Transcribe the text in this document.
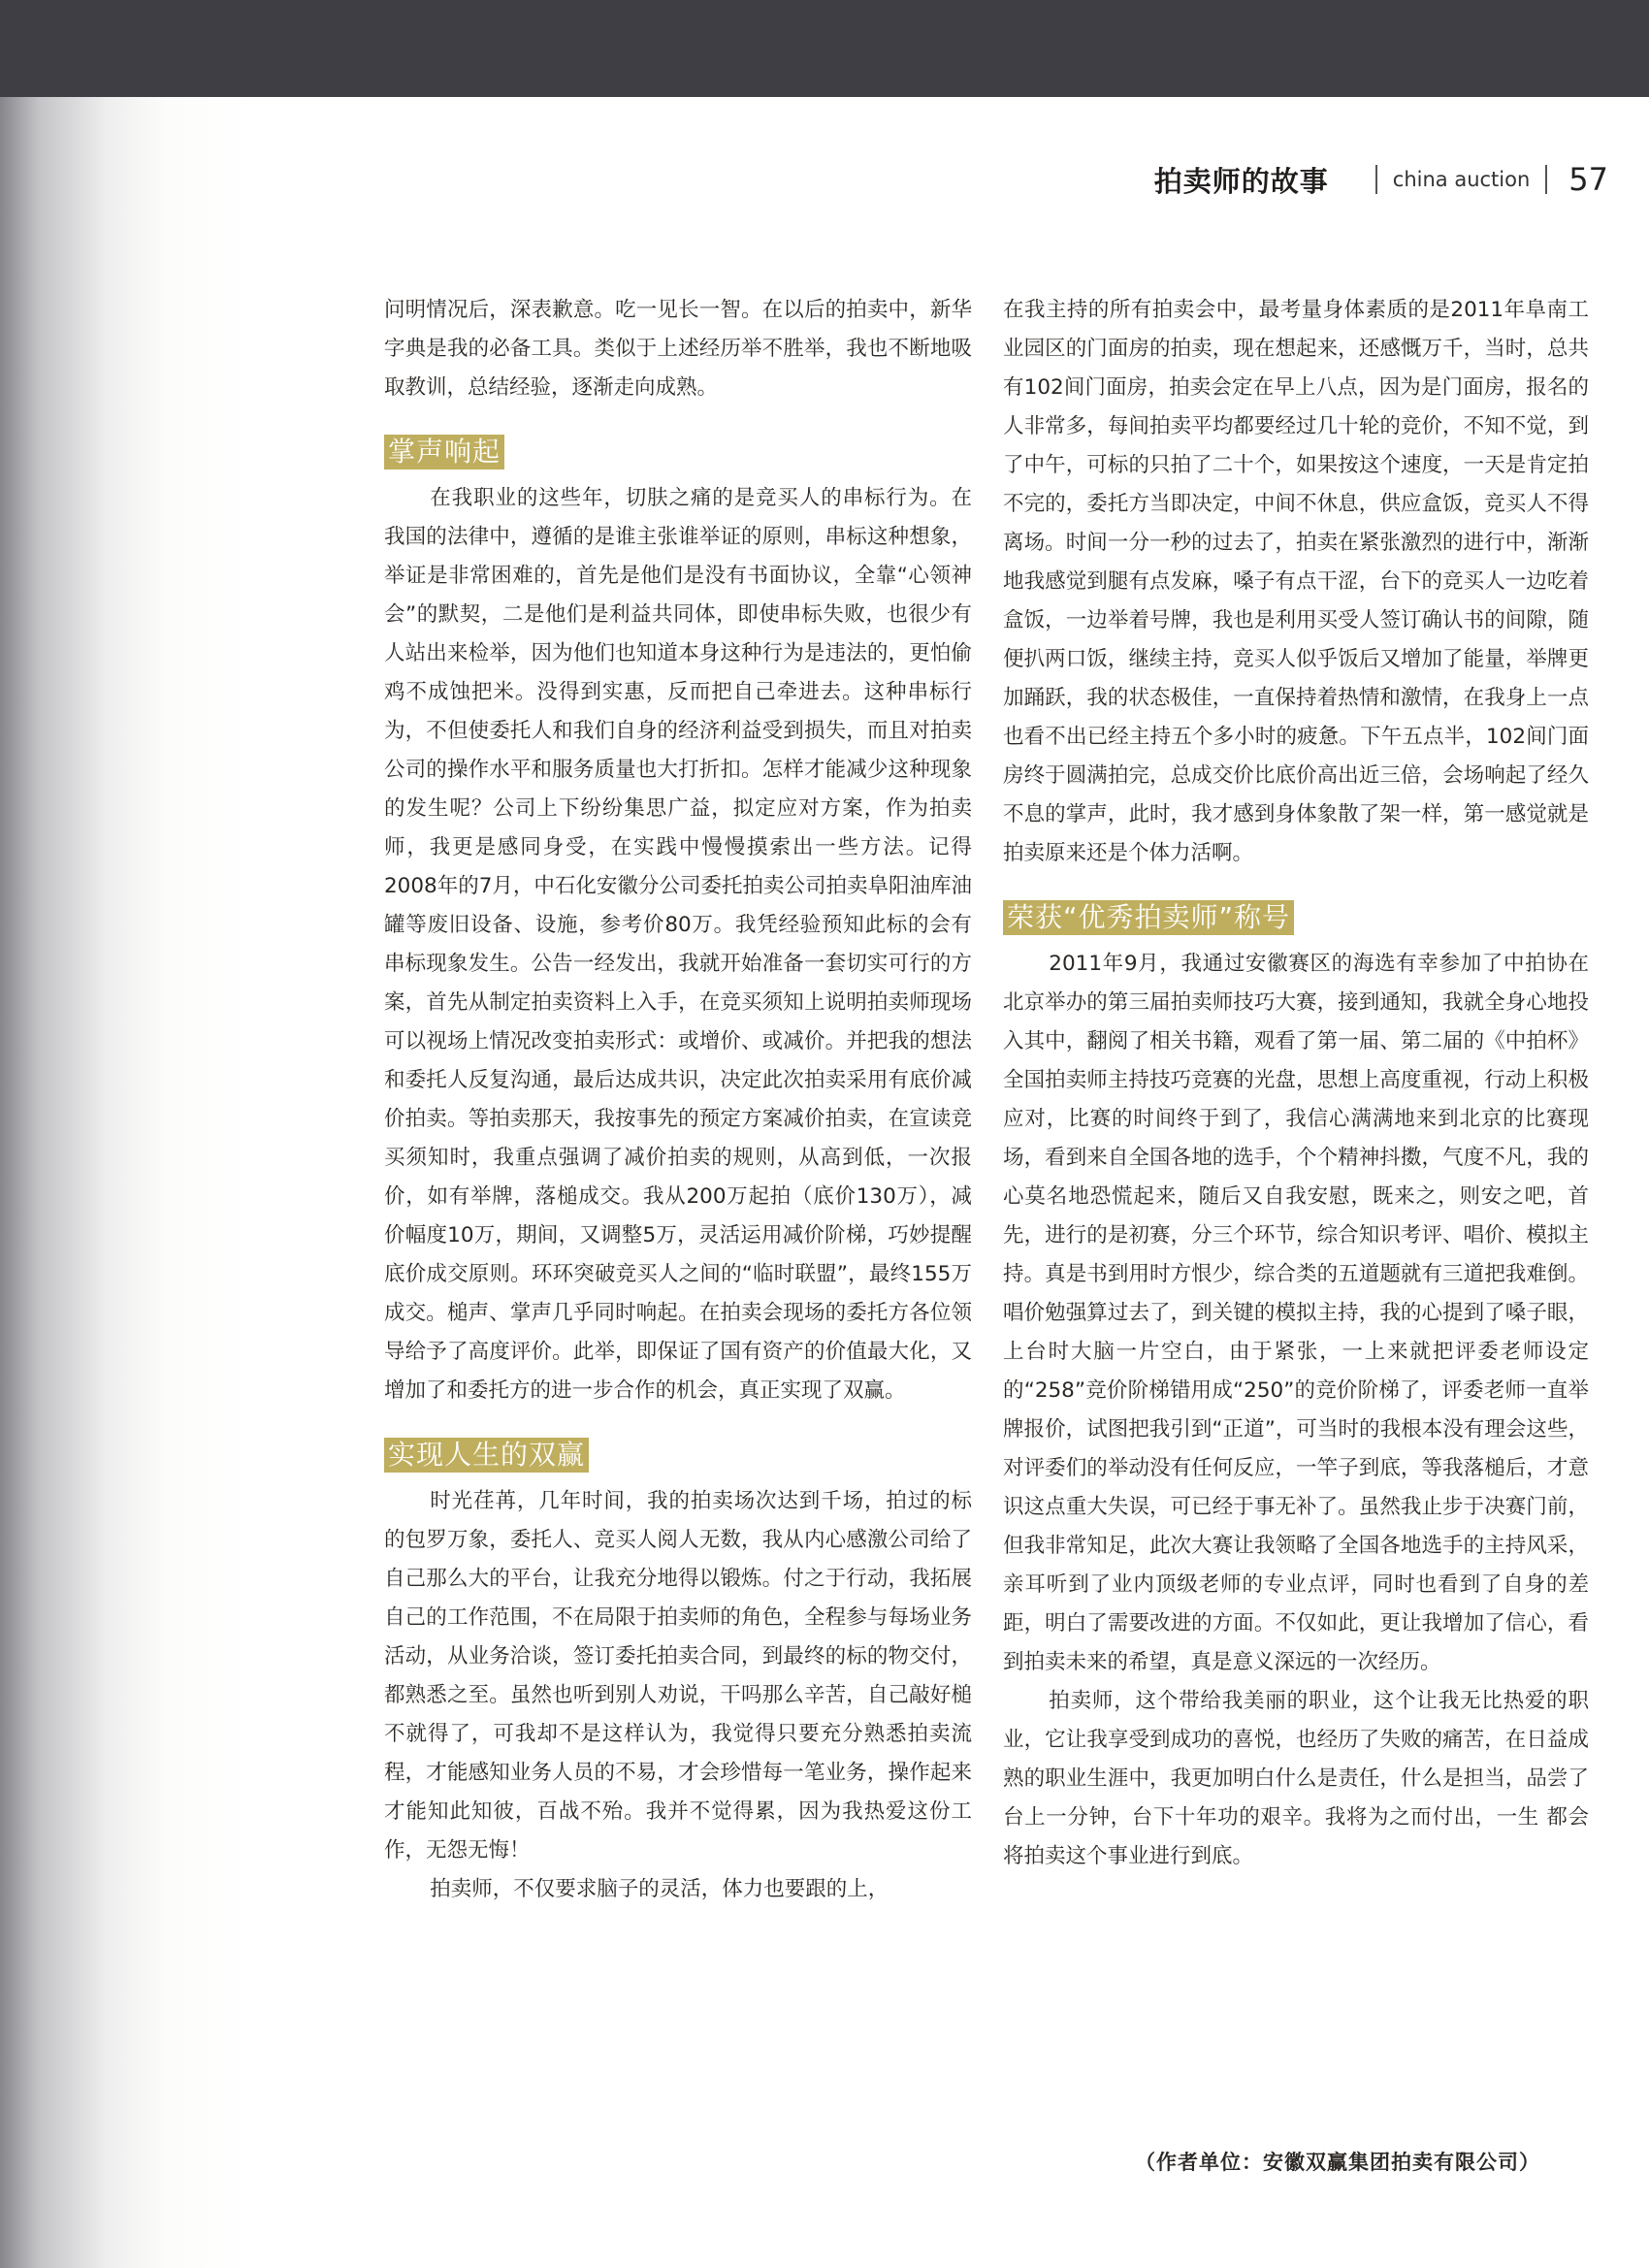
拍卖师的故事	china auction 57

问明情况后，深表歉意。吃一见长一智。在以后的拍卖中，新华字典是我的必备工具。类似于上述经历举不胜举，我也不断地吸取教训，总结经验，逐渐走向成熟。

掌声响起

在我职业的这些年，切肤之痛的是竞买人的串标行为。在我国的法律中，遵循的是谁主张谁举证的原则，串标这种想象，举证是非常困难的，首先是他们是没有书面协议，全靠“心领神会”的默契，二是他们是利益共同体，即使串标失败，也很少有人站出来检举，因为他们也知道本身这种行为是违法的，更怕偷鸡不成蚀把米。没得到实惠，反而把自己牵进去。这种串标行为，不但使委托人和我们自身的经济利益受到损失，而且对拍卖公司的操作水平和服务质量也大打折扣。怎样才能减少这种现象的发生呢？公司上下纷纷集思广益，拟定应对方案，作为拍卖师，我更是感同身受，在实践中慢慢摸索出一些方法。记得2008年的7月，中石化安徽分公司委托拍卖公司拍卖阜阳油库油罐等废旧设备、设施，参考价80万。我凭经验预知此标的会有串标现象发生。公告一经发出，我就开始准备一套切实可行的方案，首先从制定拍卖资料上入手，在竞买须知上说明拍卖师现场可以视场上情况改变拍卖形式：或增价、或减价。并把我的想法和委托人反复沟通，最后达成共识，决定此次拍卖采用有底价减价拍卖。等拍卖那天，我按事先的预定方案减价拍卖，在宣读竞买须知时，我重点强调了减价拍卖的规则，从高到低，一次报价，如有举牌，落槌成交。我从200万起拍（底价130万），减价幅度10万，期间，又调整5万，灵活运用减价阶梯，巧妙提醒底价成交原则。环环突破竞买人之间的“临时联盟”，最终155万成交。槌声、掌声几乎同时响起。在拍卖会现场的委托方各位领导给予了高度评价。此举，即保证了国有资产的价值最大化，又增加了和委托方的进一步合作的机会，真正实现了双赢。

实现人生的双赢

时光荏苒，几年时间，我的拍卖场次达到千场，拍过的标的包罗万象，委托人、竞买人阅人无数，我从内心感激公司给了自己那么大的平台，让我充分地得以锻炼。付之于行动，我拓展自己的工作范围，不在局限于拍卖师的角色，全程参与每场业务活动，从业务洽谈，签订委托拍卖合同，到最终的标的物交付，都熟悉之至。虽然也听到别人劝说，干吗那么辛苦，自己敲好槌不就得了，可我却不是这样认为，我觉得只要充分熟悉拍卖流程，才能感知业务人员的不易，才会珍惜每一笔业务，操作起来才能知此知彼，百战不殆。我并不觉得累，因为我热爱这份工作，无怨无悔！

拍卖师，不仅要求脑子的灵活，体力也要跟的上，

在我主持的所有拍卖会中，最考量身体素质的是2011年阜南工业园区的门面房的拍卖，现在想起来，还感慨万千，当时，总共有102间门面房，拍卖会定在早上八点，因为是门面房，报名的人非常多，每间拍卖平均都要经过几十轮的竞价，不知不觉，到了中午，可标的只拍了二十个，如果按这个速度，一天是肯定拍不完的，委托方当即决定，中间不休息，供应盒饭，竞买人不得离场。时间一分一秒的过去了，拍卖在紧张激烈的进行中，渐渐地我感觉到腿有点发麻，嗓子有点干涩，台下的竞买人一边吃着盒饭，一边举着号牌，我也是利用买受人签订确认书的间隙，随便扒两口饭，继续主持，竞买人似乎饭后又增加了能量，举牌更加踊跃，我的状态极佳，一直保持着热情和激情，在我身上一点也看不出已经主持五个多小时的疲惫。下午五点半，102间门面房终于圆满拍完，总成交价比底价高出近三倍，会场响起了经久不息的掌声，此时，我才感到身体象散了架一样，第一感觉就是拍卖原来还是个体力活啊。

荣获“优秀拍卖师”称号

2011年9月，我通过安徽赛区的海选有幸参加了中拍协在北京举办的第三届拍卖师技巧大赛，接到通知，我就全身心地投入其中，翻阅了相关书籍，观看了第一届、第二届的《中拍杯》全国拍卖师主持技巧竞赛的光盘，思想上高度重视，行动上积极应对，比赛的时间终于到了，我信心满满地来到北京的比赛现场，看到来自全国各地的选手，个个精神抖擞，气度不凡，我的心莫名地恐慌起来，随后又自我安慰，既来之，则安之吧，首先，进行的是初赛，分三个环节，综合知识考评、唱价、模拟主持。真是书到用时方恨少，综合类的五道题就有三道把我难倒。唱价勉强算过去了，到关键的模拟主持，我的心提到了嗓子眼，上台时大脑一片空白，由于紧张，一上来就把评委老师设定的“258”竞价阶梯错用成“250”的竞价阶梯了，评委老师一直举牌报价，试图把我引到“正道”，可当时的我根本没有理会这些，对评委们的举动没有任何反应，一竿子到底，等我落槌后，才意识这点重大失误，可已经于事无补了。虽然我止步于决赛门前，但我非常知足，此次大赛让我领略了全国各地选手的主持风采，亲耳听到了业内顶级老师的专业点评，同时也看到了自身的差距，明白了需要改进的方面。不仅如此，更让我增加了信心，看到拍卖未来的希望，真是意义深远的一次经历。

拍卖师，这个带给我美丽的职业，这个让我无比热爱的职业，它让我享受到成功的喜悦，也经历了失败的痛苦，在日益成熟的职业生涯中，我更加明白什么是责任，什么是担当，品尝了台上一分钟，台下十年功的艰辛。我将为之而付出，一生 都会将拍卖这个事业进行到底。

（作者单位：安徽双赢集团拍卖有限公司）
